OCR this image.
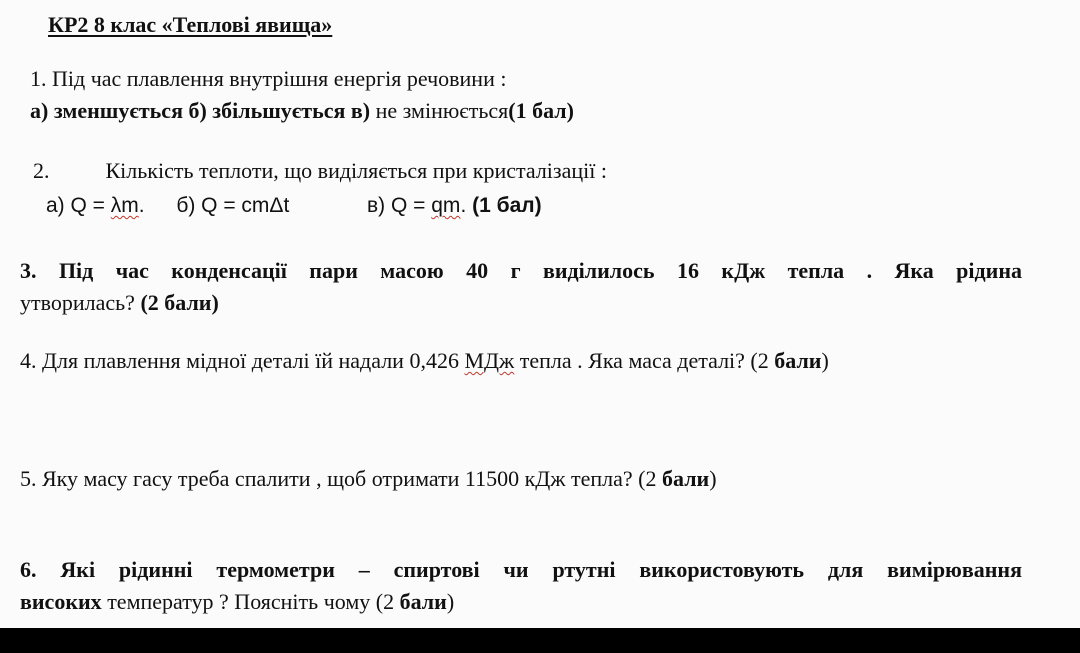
КР2 8 клас «Теплові явища»
1. Під час плавлення внутрішня енергія речовини :
а) зменшується б) збільшується в) не змінюється(1 бал)
2.	Кількість теплоти, що виділяється при кристалізації :
а) Q = λm. б) Q = cmΔt	в) Q = qm. (1 бал)
3. Під час конденсації пари масою 40 г виділилось 16 кДж тепла . Яка рідина
утворилась? (2 бали)
4. Для плавлення мідної деталі їй надали 0,426 МДж тепла . Яка маса деталі? (2 бали)
5. Яку масу гасу треба спалити , щоб отримати 11500 кДж тепла? (2 бали)
6. Які рідинні термометри – спиртові чи ртутні використовують для вимірювання
високих температур ? Поясніть чому (2 бали)
